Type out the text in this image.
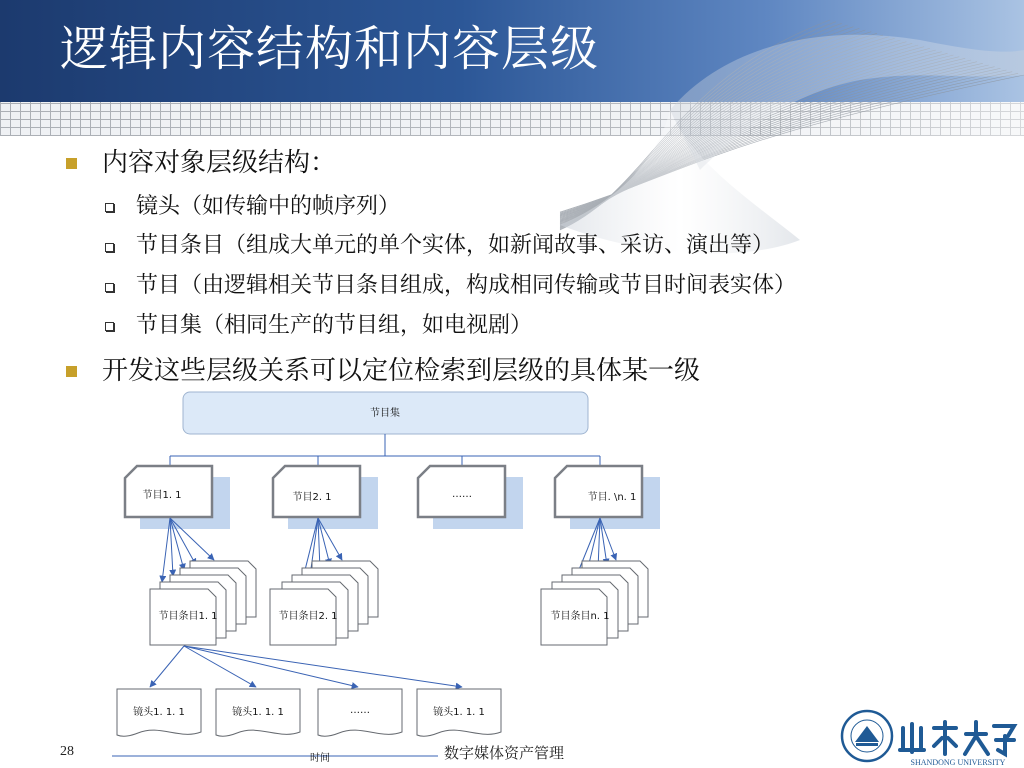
逻辑内容结构和内容层级
内容对象层级结构：
镜头（如传输中的帧序列）
节目条目（组成大单元的单个实体，如新闻故事、采访、演出等）
节目（由逻辑相关节目条目组成，构成相同传输或节目时间表实体）
节目集（相同生产的节目组，如电视剧）
开发这些层级关系可以定位检索到层级的具体某一级
节目集
节目1. 1	节目2. 1	……	节目. \n. 1
节目条目1. 1	节目条目2. 1	节目条目n. 1
镜头1. 1. 1	镜头1. 1. 1	……	镜头1. 1. 1
时间
28	数字媒体资产管理
SHANDONG UNIVERSITY
